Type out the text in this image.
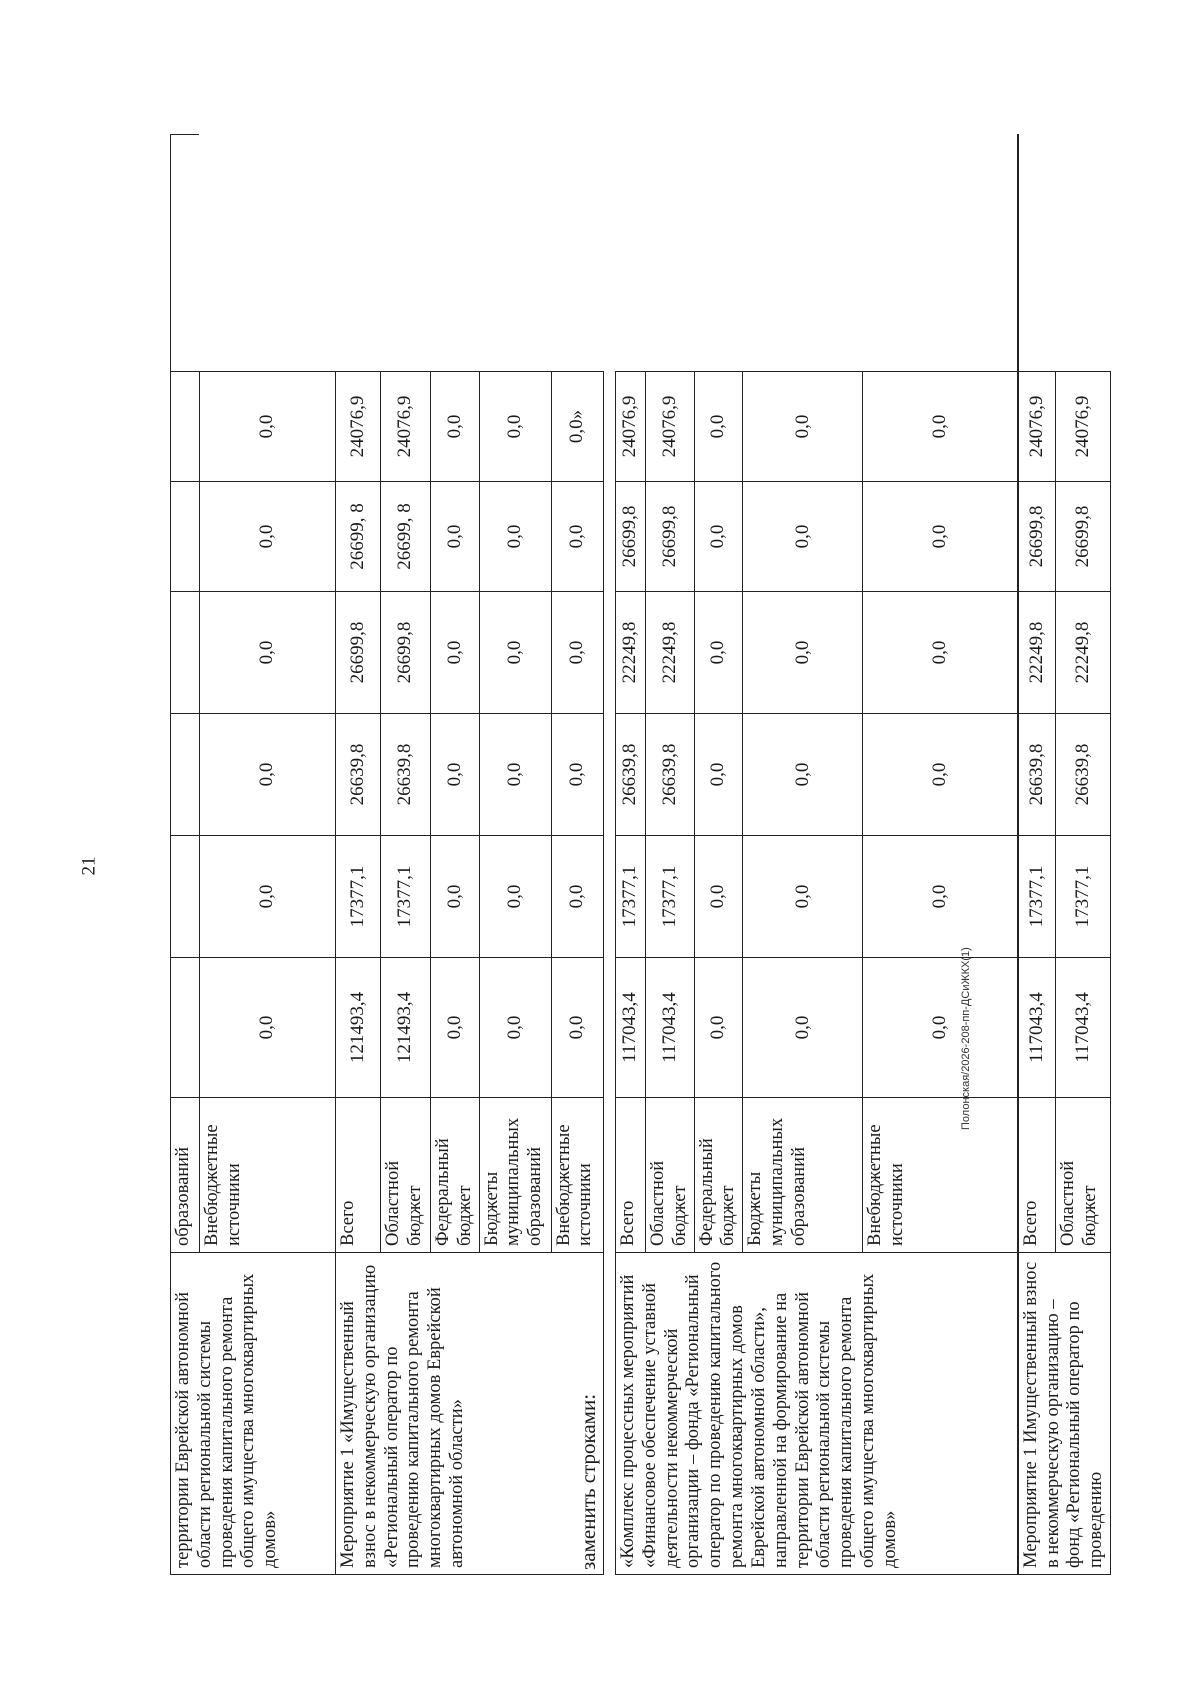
21
Полонская/2026-208-пп-ДСиЖКХ(1)
территории Еврейской автономной области региональной системы проведения капитального ремонта общего имущества многоквартирных домов»	образований							
	Внебюджетные источники	0,0	0,0	0,0	0,0	0,0	0,0	
Мероприятие 1 «Имущественный взнос в некоммерческую организацию «Региональный оператор по проведению капитального ремонта многоквартирных домов Еврейской автономной области»	Всего	121493,4	17377,1	26639,8	26699,8	26699, 8	24076,9	
	Областной бюджет	121493,4	17377,1	26639,8	26699,8	26699, 8	24076,9	
	Федеральный бюджет	0,0	0,0	0,0	0,0	0,0	0,0	
	Бюджеты муниципальных образований	0,0	0,0	0,0	0,0	0,0	0,0	
	Внебюджетные источники	0,0	0,0	0,0	0,0	0,0	0,0»	
заменить строками: «Комплекс процессных мероприятий «Финансовое обеспечение уставной деятельности некоммерческой организации – фонда «Региональный оператор по проведению капитального ремонта многоквартирных домов Еврейской автономной области», направленной на формирование на территории Еврейской автономной области региональной системы проведения капитального ремонта общего имущества многоквартирных домов»	Всего	117043,4	17377,1	26639,8	22249,8	26699,8	24076,9
	Областной бюджет	117043,4	17377,1	26639,8	22249,8	26699,8	24076,9
	Федеральный бюджет	0,0	0,0	0,0	0,0	0,0	0,0
	Бюджеты муниципальных образований	0,0	0,0	0,0	0,0	0,0	0,0
	Внебюджетные источники	0,0	0,0	0,0	0,0	0,0	0,0
Мероприятие 1 Имущественный взнос в некоммерческую организацию – фонд «Региональный оператор по проведению	Всего	117043,4	17377,1	26639,8	22249,8	26699,8	24076,9
	Областной бюджет	117043,4	17377,1	26639,8	22249,8	26699,8	24076,9
